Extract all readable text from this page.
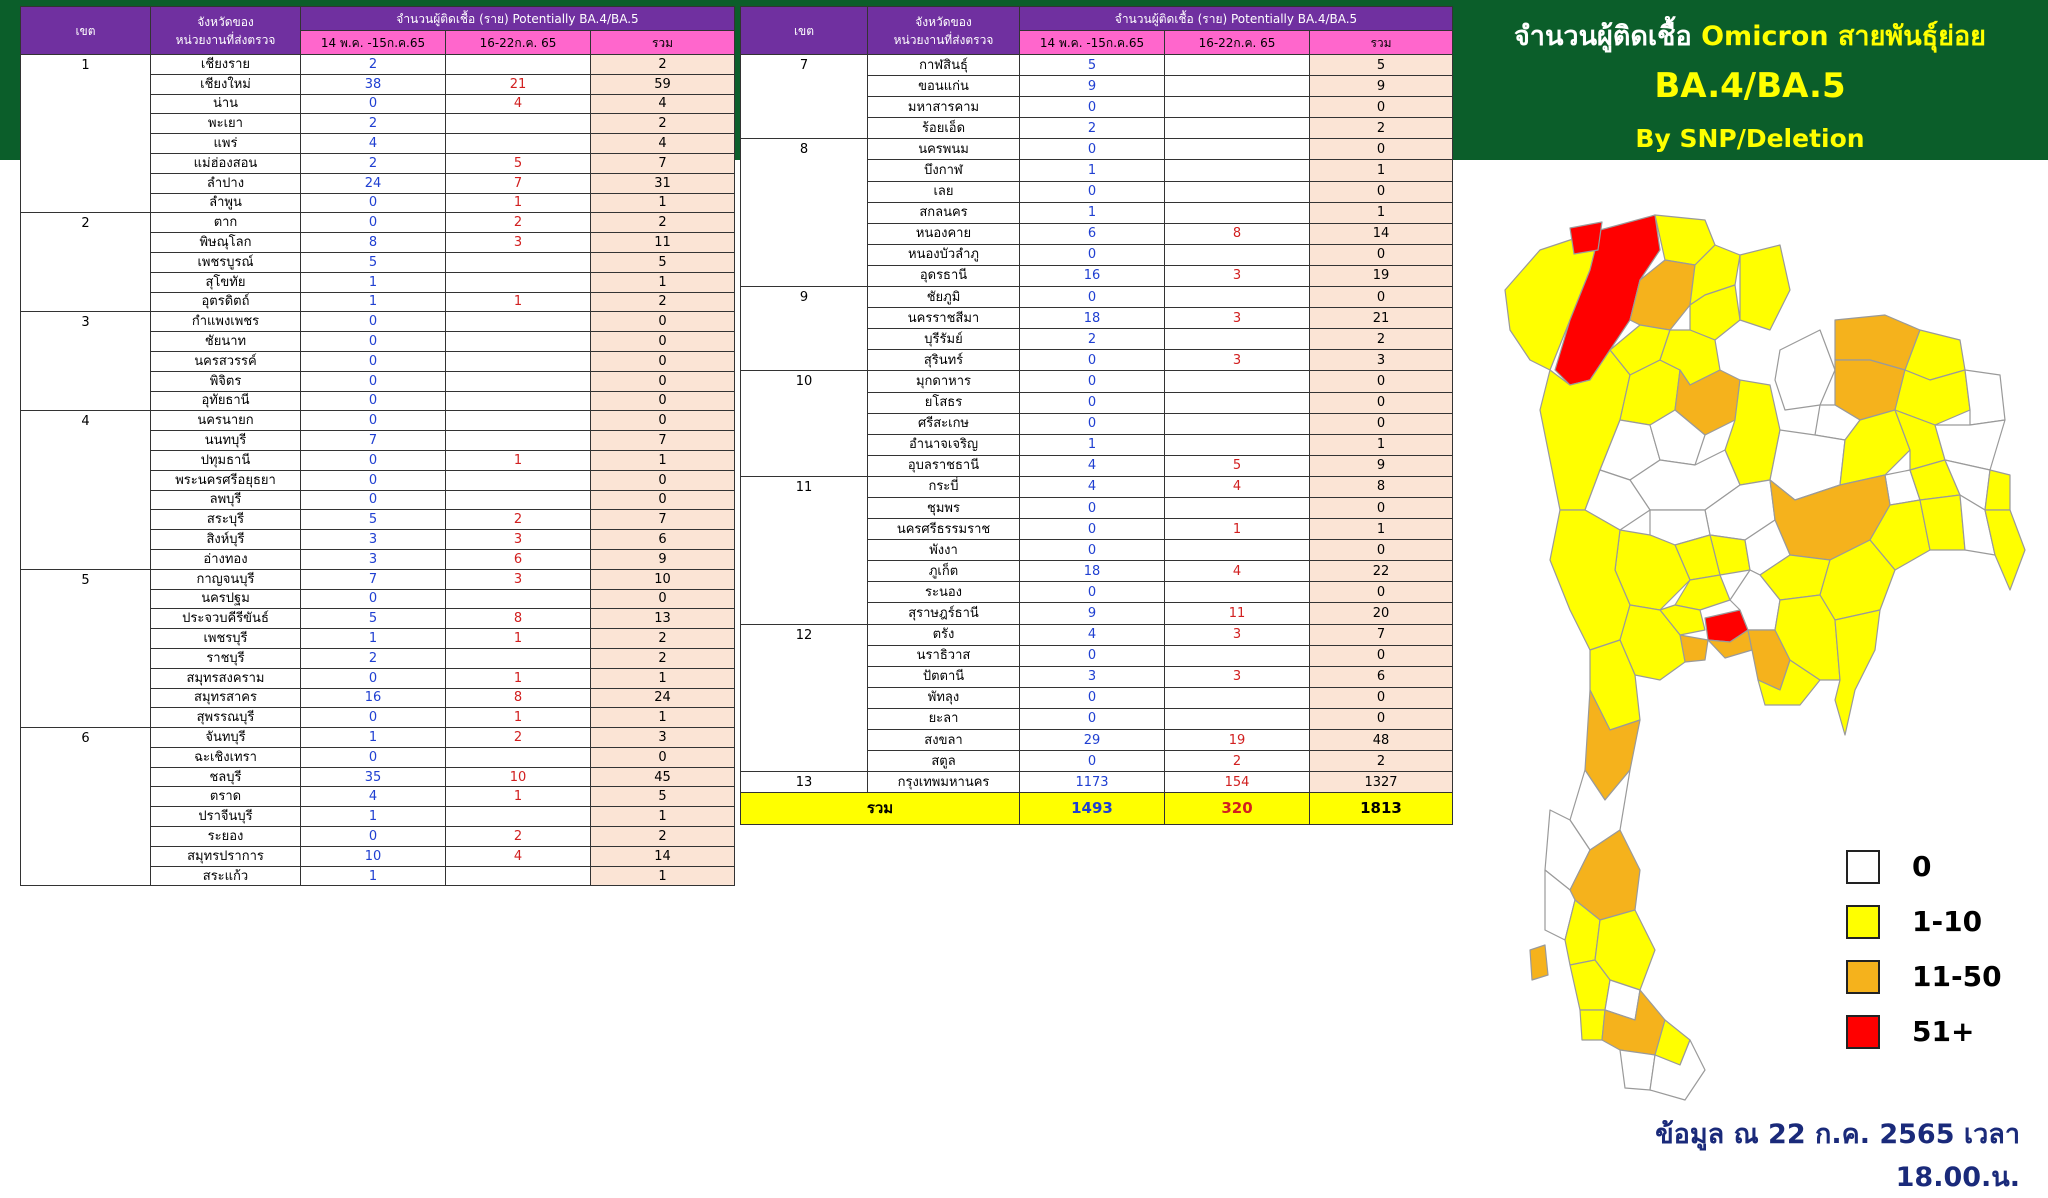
เขต	จังหวัดของ
หน่วยงานที่ส่งตรวจ	จำนวนผู้ติดเชื้อ (ราย) Potentially BA.4/BA.5		
		14 พ.ค. -15ก.ค.65	16-22ก.ค. 65	รวม
1	เชียงราย	2		2
	เชียงใหม่	38	21	59
	น่าน	0	4	4
	พะเยา	2		2
	แพร่	4		4
	แม่ฮ่องสอน	2	5	7
	ลำปาง	24	7	31
	ลำพูน	0	1	1
2	ตาก	0	2	2
	พิษณุโลก	8	3	11
	เพชรบูรณ์	5		5
	สุโขทัย	1		1
	อุตรดิตถ์	1	1	2
3	กำแพงเพชร	0		0
	ชัยนาท	0		0
	นครสวรรค์	0		0
	พิจิตร	0		0
	อุทัยธานี	0		0
4	นครนายก	0		0
	นนทบุรี	7		7
	ปทุมธานี	0	1	1
	พระนครศรีอยุธยา	0		0
	ลพบุรี	0		0
	สระบุรี	5	2	7
	สิงห์บุรี	3	3	6
	อ่างทอง	3	6	9
5	กาญจนบุรี	7	3	10
	นครปฐม	0		0
	ประจวบคีรีขันธ์	5	8	13
	เพชรบุรี	1	1	2
	ราชบุรี	2		2
	สมุทรสงคราม	0	1	1
	สมุทรสาคร	16	8	24
	สุพรรณบุรี	0	1	1
6	จันทบุรี	1	2	3
	ฉะเชิงเทรา	0		0
	ชลบุรี	35	10	45
	ตราด	4	1	5
	ปราจีนบุรี	1		1
	ระยอง	0	2	2
	สมุทรปราการ	10	4	14
	สระแก้ว	1		1
เขต	จังหวัดของ
หน่วยงานที่ส่งตรวจ	จำนวนผู้ติดเชื้อ (ราย) Potentially BA.4/BA.5		
		14 พ.ค. -15ก.ค.65	16-22ก.ค. 65	รวม
7	กาฬสินธุ์	5		5
	ขอนแก่น	9		9
	มหาสารคาม	0		0
	ร้อยเอ็ด	2		2
8	นครพนม	0		0
	บึงกาฬ	1		1
	เลย	0		0
	สกลนคร	1		1
	หนองคาย	6	8	14
	หนองบัวลำภู	0		0
	อุดรธานี	16	3	19
9	ชัยภูมิ	0		0
	นครราชสีมา	18	3	21
	บุรีรัมย์	2		2
	สุรินทร์	0	3	3
10	มุกดาหาร	0		0
	ยโสธร	0		0
	ศรีสะเกษ	0		0
	อำนาจเจริญ	1		1
	อุบลราชธานี	4	5	9
11	กระบี่	4	4	8
	ชุมพร	0		0
	นครศรีธรรมราช	0	1	1
	พังงา	0		0
	ภูเก็ต	18	4	22
	ระนอง	0		0
	สุราษฎร์ธานี	9	11	20
12	ตรัง	4	3	7
	นราธิวาส	0		0
	ปัตตานี	3	3	6
	พัทลุง	0		0
	ยะลา	0		0
	สงขลา	29	19	48
	สตูล	0	2	2
13	กรุงเทพมหานคร	1173	154	1327
รวม		1493	320	1813
จำนวนผู้ติดเชื้อ Omicron สายพันธุ์ย่อย
BA.4/BA.5
By SNP/Deletion
0
1-10
11-50
51+
ข้อมูล ณ 22 ก.ค. 2565 เวลา 18.00.น.
